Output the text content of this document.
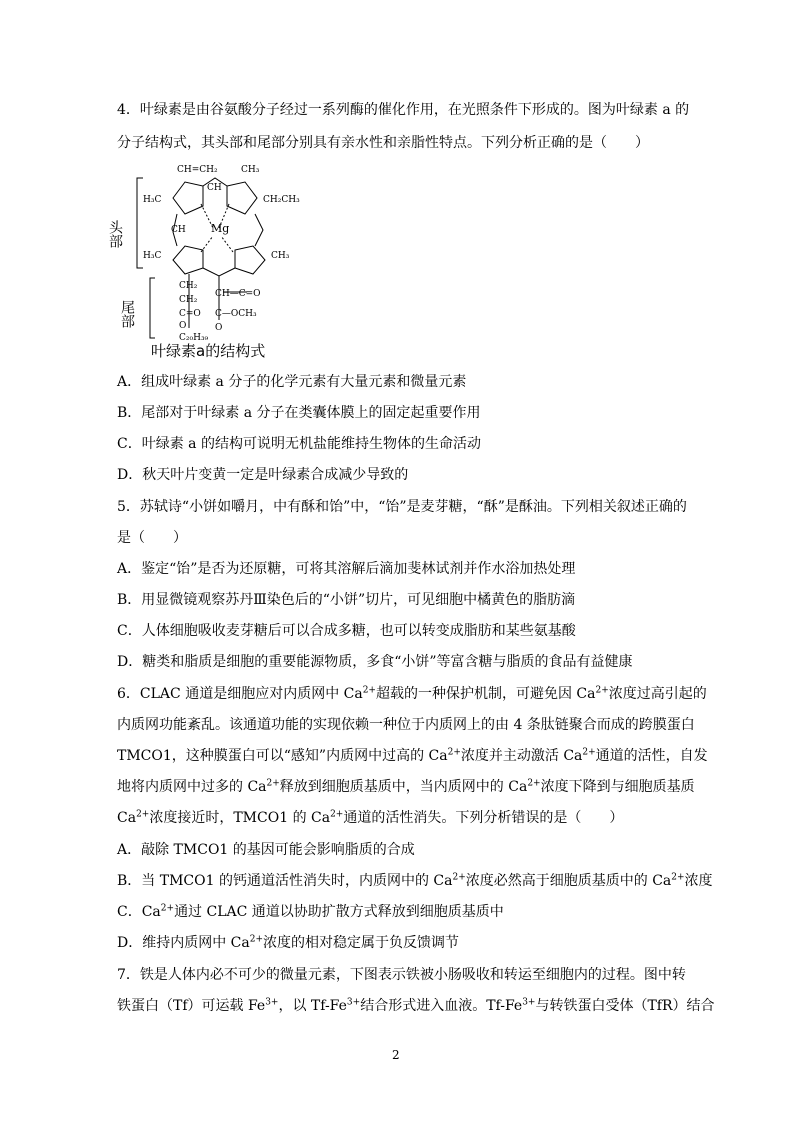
4．叶绿素是由谷氨酸分子经过一系列酶的催化作用，在光照条件下形成的。图为叶绿素 a 的
分子结构式，其头部和尾部分别具有亲水性和亲脂性特点。下列分析正确的是（　　）
CH=CH₂	CH₃
H₃C
CH
CH₂CH₃
CH
H₃C	CH₃
CH₂
CH₂
C=O
O
C₂₀H₃₉
CH—C=O
C—OCH₃
O
Mg
头部
尾部
叶绿素a的结构式
A．组成叶绿素 a 分子的化学元素有大量元素和微量元素
B．尾部对于叶绿素 a 分子在类囊体膜上的固定起重要作用
C．叶绿素 a 的结构可说明无机盐能维持生物体的生命活动
D．秋天叶片变黄一定是叶绿素合成减少导致的
5．苏轼诗“小饼如嚼月，中有酥和饴”中，“饴”是麦芽糖，“酥”是酥油。下列相关叙述正确的
是（　　）
A．鉴定“饴”是否为还原糖，可将其溶解后滴加斐林试剂并作水浴加热处理
B．用显微镜观察苏丹Ⅲ染色后的“小饼”切片，可见细胞中橘黄色的脂肪滴
C．人体细胞吸收麦芽糖后可以合成多糖，也可以转变成脂肪和某些氨基酸
D．糖类和脂质是细胞的重要能源物质，多食“小饼”等富含糖与脂质的食品有益健康
6．CLAC 通道是细胞应对内质网中 $Ca^{2+}$超载的一种保护机制，可避免因 $Ca^{2+}$浓度过高引起的
内质网功能紊乱。该通道功能的实现依赖一种位于内质网上的由 4 条肽链聚合而成的跨膜蛋白
TMCO1，这种膜蛋白可以“感知”内质网中过高的 $Ca^{2+}$浓度并主动激活 $Ca^{2+}$通道的活性，自发
地将内质网中过多的 $Ca^{2+}$释放到细胞质基质中，当内质网中的 $Ca^{2+}$浓度下降到与细胞质基质
$Ca^{2+}$浓度接近时，TMCO1 的 $Ca^{2+}$通道的活性消失。下列分析错误的是（　　）
A．敲除 TMCO1 的基因可能会影响脂质的合成
B．当 TMCO1 的钙通道活性消失时，内质网中的 $Ca^{2+}$浓度必然高于细胞质基质中的 $Ca^{2+}$浓度
C．$Ca^{2+}$通过 CLAC 通道以协助扩散方式释放到细胞质基质中
D．维持内质网中 $Ca^{2+}$浓度的相对稳定属于负反馈调节
7．铁是人体内必不可少的微量元素，下图表示铁被小肠吸收和转运至细胞内的过程。图中转
铁蛋白（Tf）可运载 $Fe^{3+}$，以 $Tf-Fe^{3+}$结合形式进入血液。$Tf-Fe^{3+}$与转铁蛋白受体（TfR）结合
2
